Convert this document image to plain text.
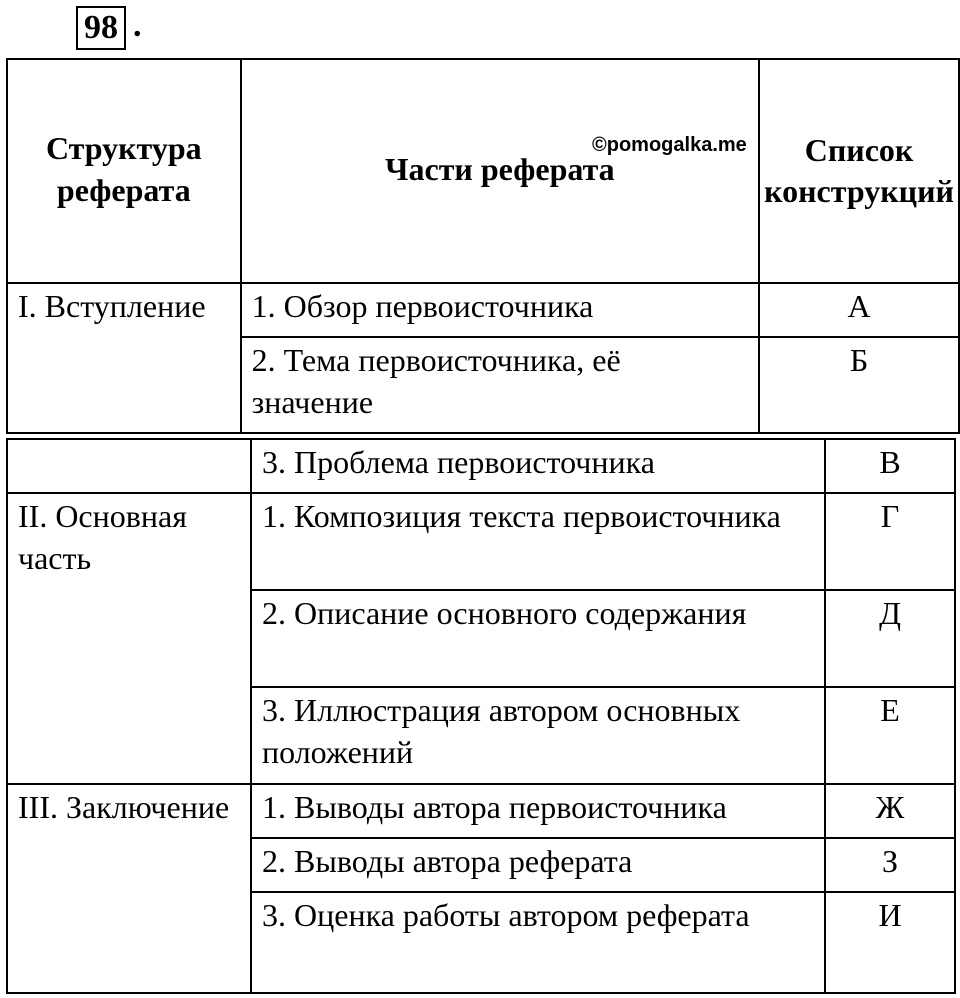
98 .
Структура реферата	Части реферата	Список конструкций
I. Вступление	1. Обзор первоисточника	А
	2. Тема первоисточника, её значение	Б
©pomogalka.me
	3. Проблема первоисточника	В
II. Основная часть	1. Композиция текста первоисточника	Г
	2. Описание основного содержания	Д
	3. Иллюстрация автором основных положений	Е
III. Заключение	1. Выводы автора первоисточника	Ж
	2. Выводы автора реферата	З
	3. Оценка работы автором реферата	И
